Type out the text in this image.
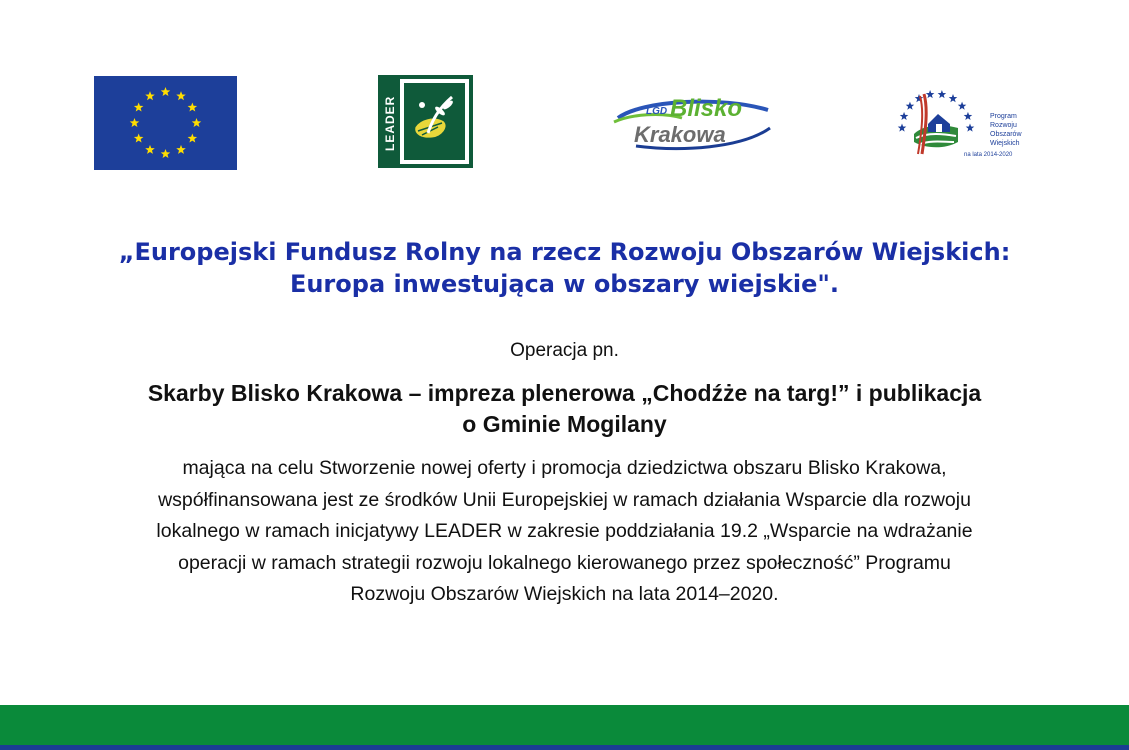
LEADER	LGD Blisko
Krakowa
Program
Rozwoju
Obszarów
Wiejskich
na lata 2014-2020
„Europejski Fundusz Rolny na rzecz Rozwoju Obszarów Wiejskich:
Europa inwestująca w obszary wiejskie".
Operacja pn.
Skarby Blisko Krakowa – impreza plenerowa „Chodźże na targ!” i publikacja
o Gminie Mogilany
mająca na celu Stworzenie nowej oferty i promocja dziedzictwa obszaru Blisko Krakowa,
współfinansowana jest ze środków Unii Europejskiej w ramach działania Wsparcie dla rozwoju
lokalnego w ramach inicjatywy LEADER w zakresie poddziałania 19.2 „Wsparcie na wdrażanie
operacji w ramach strategii rozwoju lokalnego kierowanego przez społeczność” Programu
Rozwoju Obszarów Wiejskich na lata 2014–2020.
